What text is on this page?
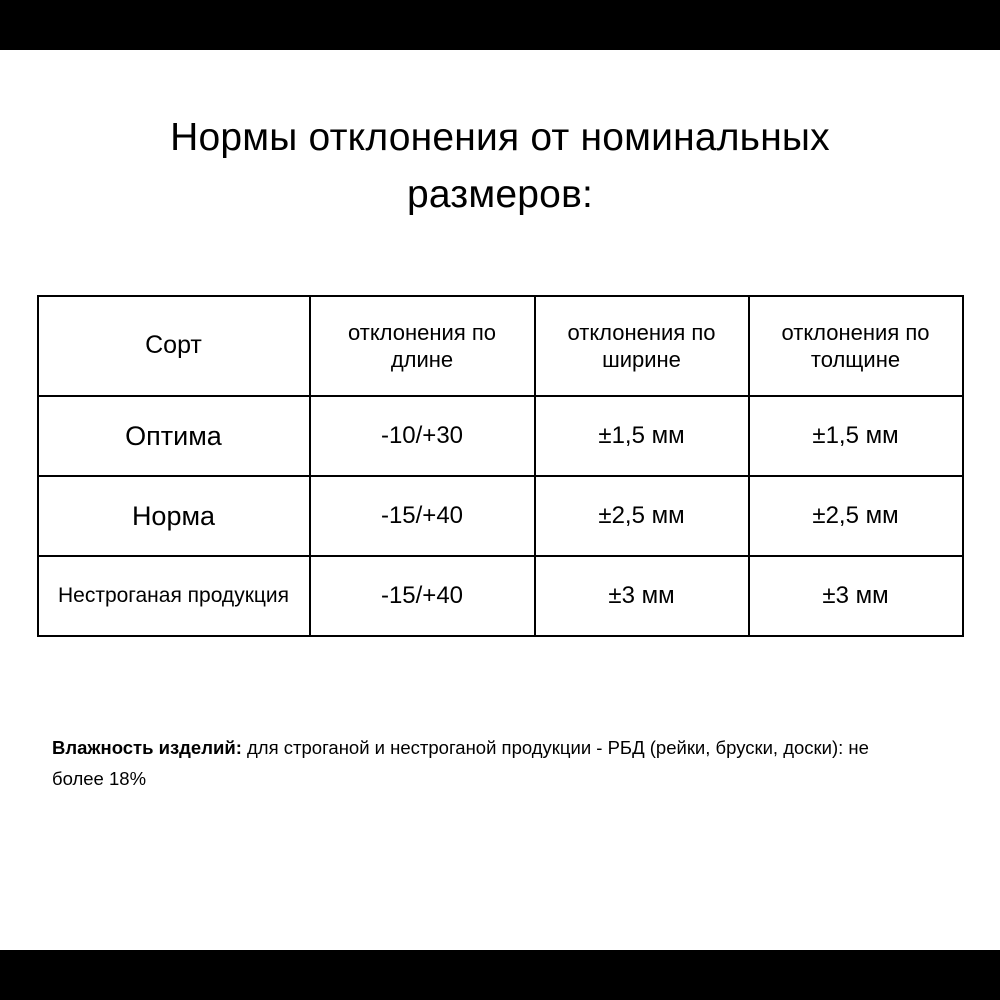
Нормы отклонения от номинальных размеров:
Сорт	отклонения по длине	отклонения по ширине	отклонения по толщине
Оптима	-10/+30	±1,5 мм	±1,5 мм
Норма	-15/+40	±2,5 мм	±2,5 мм
Нестроганая продукция	-15/+40	±3 мм	±3 мм

Влажность изделий: для строганой и нестроганой продукции - РБД (рейки, бруски, доски): не более 18%
